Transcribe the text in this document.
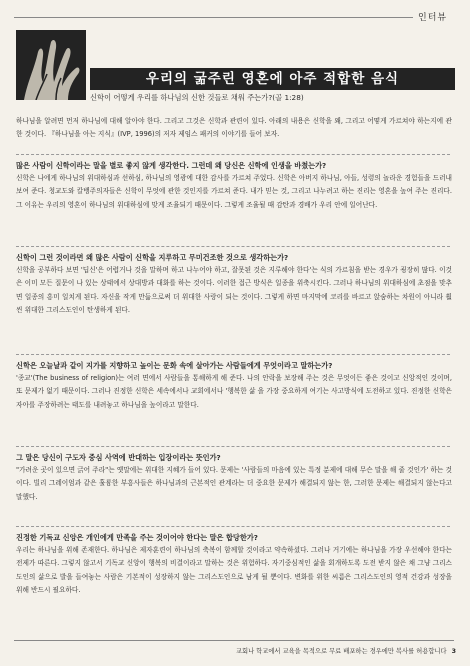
인터뷰
우리의 굶주린 영혼에 아주 적합한 음식
신학이 어떻게 우리를 하나님의 신한 것들로 채워 주는가?(골 1:28)

하나님을 알려면 먼저 하나님에 대해 알아야 한다. 그리고 그것은 신학과 관련이 있다. 아래의 내용은 신학을 왜, 그리고 어떻게 가르쳐야 하는지에 관한 것이다. 『하나님을 아는 지식』(IVP, 1996)의 저자 제임스 패커의 이야기를 들어 보자.

많은 사람이 신학이라는 말을 별로 좋지 않게 생각한다. 그런데 왜 당신은 신학에 인생을 바쳤는가?

신학은 나에게 하나님의 위대하심과 선하심, 하나님의 영광에 대한 감사를 가르쳐 주었다. 신학은 아버지 하나님, 아들, 성령의 놀라운 경험들을 드러내 보여 준다. 청교도와 칼뱅주의자들은 신학이 무엇에 관한 것인지를 가르쳐 준다. 내가 믿는 것, 그리고 나누려고 하는 진리는 영혼을 높여 주는 진리다. 그 이유는 우리의 영혼이 하나님의 위대하심에 맞게 조율되기 때문이다. 그렇게 조율될 때 감탄과 경배가 우리 안에 일어난다.

신학이 그런 것이라면 왜 많은 사람이 신학을 지루하고 무미건조한 것으로 생각하는가?

신학을 공부하다 보면 '딥신'은 어렵거나 것을 말하며 하고 나누어야 하고, 잘못된 것은 지루해야 한다'는 식의 가르침을 받는 경우가 굉장히 많다. 이것은 이미 모든 질문이 나 있는 상태에서 상대방과 대화를 하는 것이다. 이러한 접근 방식은 일종을 위축시킨다. 그러나 하나님의 위대하심에 초점을 맞추면 일종의 흥미 일치게 된다. 자신을 작게 만듦으로써 더 위대한 사랑이 되는 것이다. 그렇게 하면 마지막에 코리를 바르고 앉숨하는 차원이 아니라 훨씬 위대한 그리스도인이 탄생하게 된다.

신학은 오늘날과 같이 지가를 지향하고 높이는 문화 속에 살아가는 사람들에게 무엇이라고 말하는가?

'종교'(The business of religion)는 여러 면에서 사람들을 통해하게 해 준다. 나의 안락을 보장해 주는 것은 무엇이든 좋은 것이고 신앙적인 것이며, 또 문제가 없기 때문이다. 그러나 진정한 신학은 세속에서나 교회에서나 '행복한 삶 을 가장 중요하게 여기는 사고방식에 도전하고 있다. 진정한 신학은 자아를 주장하려는 태도를 내려놓고 하나님을 높이라고 말한다.

그 말은 당신이 구도자 중심 사역에 반대하는 입장이라는 뜻인가?

"가려운 곳이 있으면 긁어 주라"는 옛말에는 위대한 지혜가 들어 있다. 문제는 '사람들의 마음에 있는 특정 분제에 대해 무슨 말을 해 줄 것인가' 하는 것이다. 빌리 그레이엄과 같은 훌륭한 부흥사들은 하나님과의 근본적인 관계라는 더 중요한 문제가 해결되지 않는 한, 그러한 문제는 해결되지 않는다고 말했다.

진정한 기독교 신앙은 개인에게 만족을 주는 것이어야 한다는 말은 합당한가?

우리는 하나님을 위해 존재한다. 하나님은 제자훈련이 하나님의 축복이 함께할 것이라고 약속하셨다. 그러나 거기에는 하나님을 가장 우선해야 한다는 전제가 따른다. 그렇지 않고서 기독교 신앙이 행복의 비결이라고 말하는 것은 위험하다. 자기중심적인 삶을 회개하도록 도전 받지 않은 채 그냥 그리스도인의 삶으로 발을 들여놓는 사람은 기본적이 성장하지 않는 그리스도인으로 남게 될 뿐이다. 변화를 위한 씨름은 그리스도인의 영적 건강과 성장을 위해 반드시 필요하다.

교회나 학교에서 교육을 목적으로 무료 배포하는 경우에만 복사를 허용합니다 3
